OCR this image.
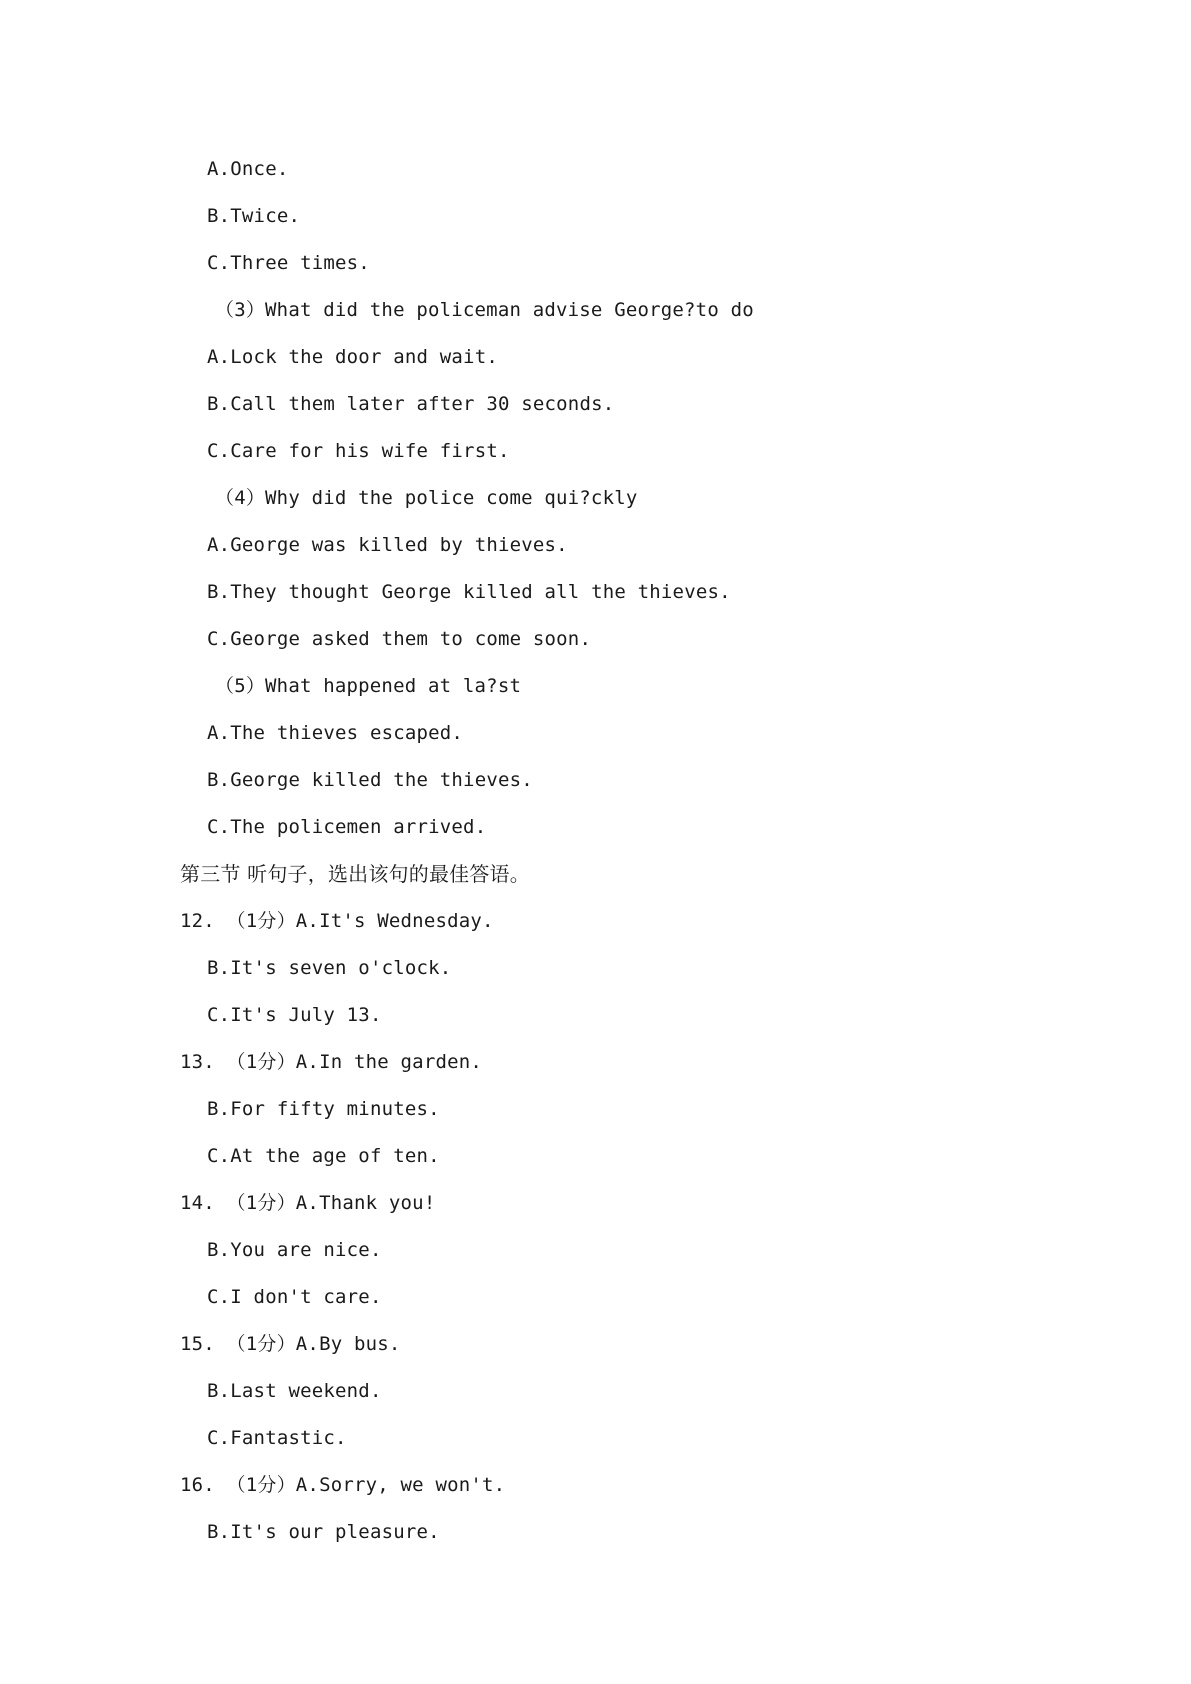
A.Once.
B.Twice.
C.Three times.
（3）What did the policeman advise George?to do
A.Lock the door and wait.
B.Call them later after 30 seconds.
C.Care for his wife first.
（4）Why did the police come qui?ckly
A.George was killed by thieves.
B.They thought George killed all the thieves.
C.George asked them to come soon.
（5）What happened at la?st
A.The thieves escaped.
B.George killed the thieves.
C.The policemen arrived.
第三节 听句子，选出该句的最佳答语。
12. （1分）A.It's Wednesday.
B.It's seven o'clock.
C.It's July 13.
13. （1分）A.In the garden.
B.For fifty minutes.
C.At the age of ten.
14. （1分）A.Thank you!
B.You are nice.
C.I don't care.
15. （1分）A.By bus.
B.Last weekend.
C.Fantastic.
16. （1分）A.Sorry, we won't.
B.It's our pleasure.
